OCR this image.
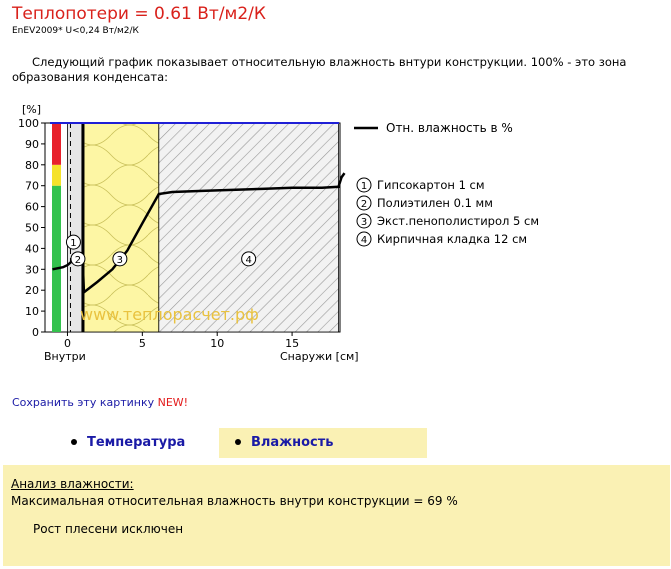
Теплопотери = 0.61 Вт/м2/К
EnEV2009* U<0,24 Вт/м2/К
Следующий график показывает относительную влажность внтури конструкции. 100% - это зона образования конденсата:
0
10
20
30
40
50
60
70
80
90
100
0	5	10	15
1
2	3	4
[%]
Внутри	Снаружи [см]
www.теплорасчет.рф
Отн. влажность в %
1 Гипсокартон 1 см
2 Полиэтилен 0.1 мм
3 Экст.пенополистирол 5 см
4 Кирпичная кладка 12 см
Сохранить эту картинку NEW!
Температура	Влажность
Анализ влажности:
Максимальная относительная влажность внутри конструкции = 69 %
Рост плесени исключен
